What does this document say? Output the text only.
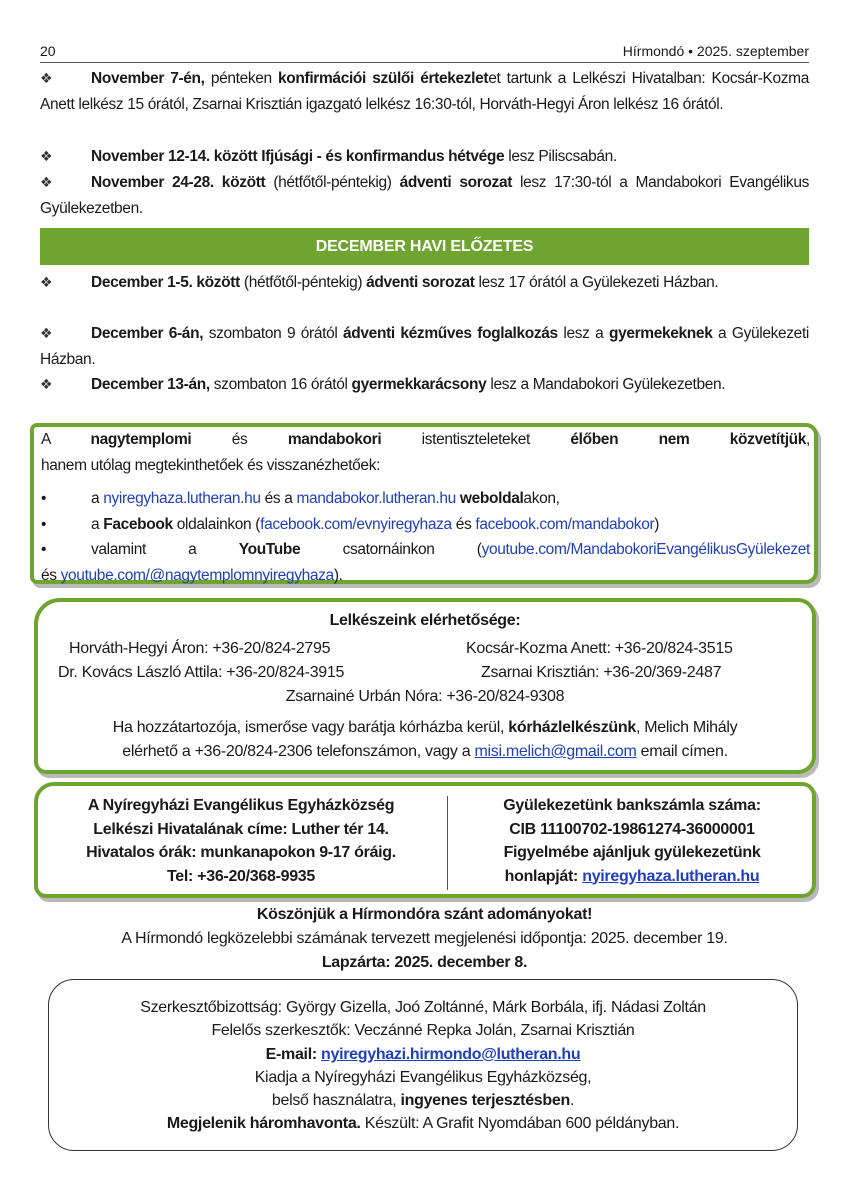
20	Hírmondó • 2025. szeptember
❖	November 7-én, pénteken konfirmációi szülői értekezletet tartunk a Lelkészi Hivatalban: Kocsár-Kozma Anett lelkész 15 órától, Zsarnai Krisztián igazgató lelkész 16:30-tól, Horváth-Hegyi Áron lelkész 16 órától.
❖	November 12-14. között Ifjúsági - és konfirmandus hétvége lesz Piliscsabán.
❖	November 24-28. között (hétfőtől-péntekig) ádventi sorozat lesz 17:30-tól a Mandabokori Evangélikus Gyülekezetben.
DECEMBER HAVI ELŐZETES
❖	December 1-5. között (hétfőtől-péntekig) ádventi sorozat lesz 17 órától a Gyülekezeti Házban.
❖	December 6-án, szombaton 9 órától ádventi kézműves foglalkozás lesz a gyermekeknek a Gyülekezeti Házban.
❖	December 13-án, szombaton 16 órától gyermekkarácsony lesz a Mandabokori Gyülekezetben.
A	nagytemplomi	és	mandabokori	istentiszteleteket	élőben	nem	közvetítjük,
hanem utólag megtekinthetőek és visszanézhetőek:
•	a nyiregyhaza.lutheran.hu és a mandabokor.lutheran.hu weboldalakon,
•	a Facebook oldalainkon (facebook.com/evnyiregyhaza és facebook.com/mandabokor)
•	valamint a YouTube csatornáinkon (youtube.com/MandabokoriEvangélikusGyülekezet
és youtube.com/@nagytemplomnyiregyhaza).
Lelkészeink elérhetősége:
Horváth-Hegyi Áron: +36-20/824-2795	Kocsár-Kozma Anett: +36-20/824-3515
Dr. Kovács László Attila: +36-20/824-3915	Zsarnai Krisztián: +36-20/369-2487
Zsarnainé Urbán Nóra: +36-20/824-9308
Ha hozzátartozója, ismerőse vagy barátja kórházba kerül, kórházlelkészünk, Melich Mihály
elérhető a +36-20/824-2306 telefonszámon, vagy a misi.melich@gmail.com email címen.
A Nyíregyházi Evangélikus Egyházközség
Lelkészi Hivatalának címe: Luther tér 14.
Hivatalos órák: munkanapokon 9-17 óráig.
Tel: +36-20/368-9935
Gyülekezetünk bankszámla száma:
CIB 11100702-19861274-36000001
Figyelmébe ajánljuk gyülekezetünk
honlapját: nyiregyhaza.lutheran.hu
Köszönjük a Hírmondóra szánt adományokat!
A Hírmondó legközelebbi számának tervezett megjelenési időpontja: 2025. december 19.
Lapzárta: 2025. december 8.
Szerkesztőbizottság: György Gizella, Joó Zoltánné, Márk Borbála, ifj. Nádasi Zoltán
Felelős szerkesztők: Veczánné Repka Jolán, Zsarnai Krisztián
E-mail: nyiregyhazi.hirmondo@lutheran.hu
Kiadja a Nyíregyházi Evangélikus Egyházközség,
belső használatra, ingyenes terjesztésben.
Megjelenik háromhavonta. Készült: A Grafit Nyomdában 600 példányban.
